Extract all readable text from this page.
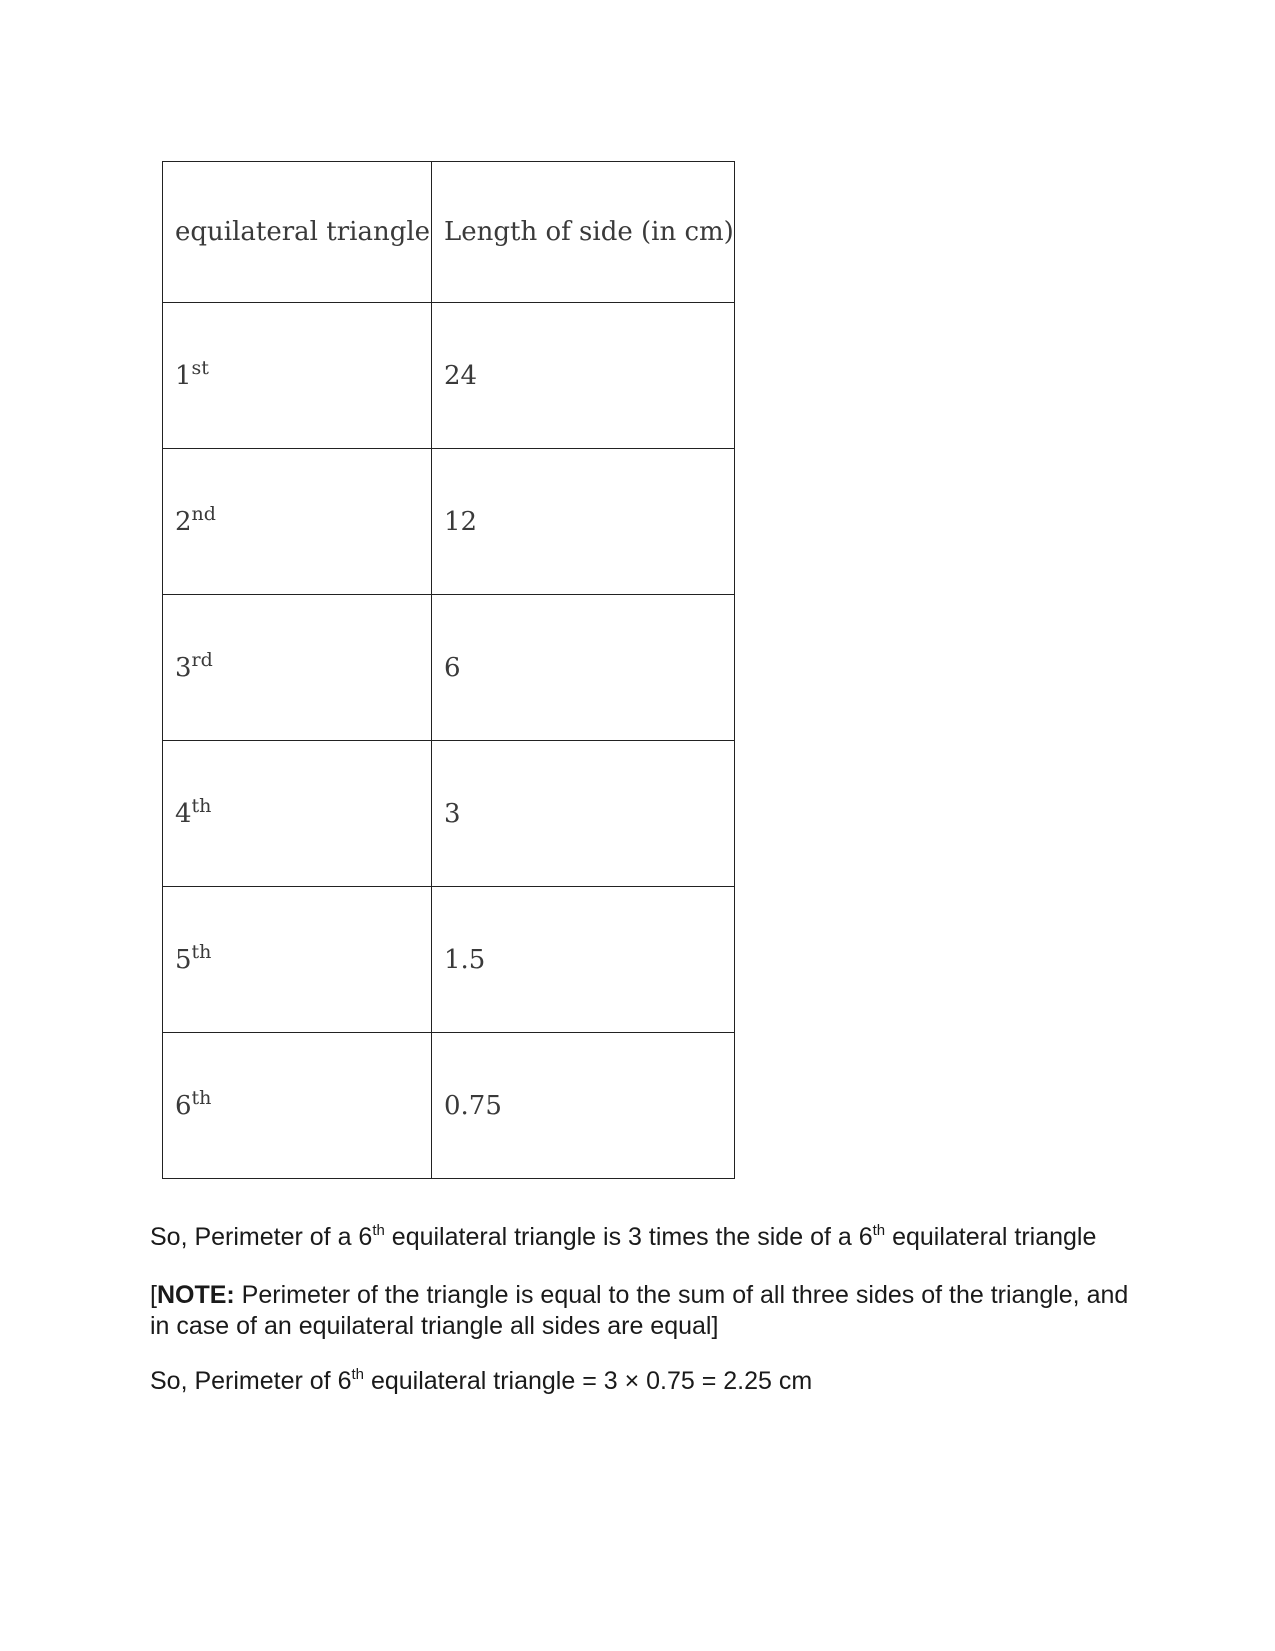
equilateral triangle	Length of side (in cm)
1st	24
2nd	12
3rd	6
4th	3
5th	1.5
6th	0.75

So, Perimeter of a 6th equilateral triangle is 3 times the side of a 6th equilateral triangle

[NOTE: Perimeter of the triangle is equal to the sum of all three sides of the triangle, and in case of an equilateral triangle all sides are equal]

So, Perimeter of 6th equilateral triangle = 3 × 0.75 = 2.25 cm
